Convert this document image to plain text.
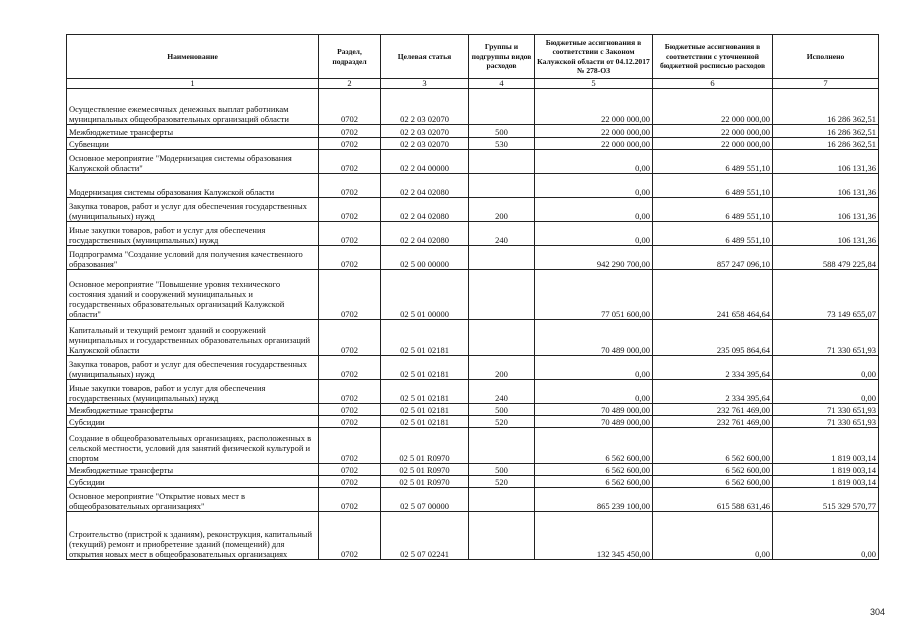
Наименование	Раздел, подраздел	Целевая статья	Группы и подгруппы видов расходов	Бюджетные ассигнования в соответствии с Законом Калужской области от 04.12.2017 № 278-ОЗ	Бюджетные ассигнования в соответствии с уточненной бюджетной росписью расходов	Исполнено
1	2	3	4	5	6	7
Осуществление ежемесячных денежных выплат работникам муниципальных общеобразовательных организаций области	0702	02 2 03 02070		22 000 000,00	22 000 000,00	16 286 362,51
Межбюджетные трансферты	0702	02 2 03 02070	500	22 000 000,00	22 000 000,00	16 286 362,51
Субвенции	0702	02 2 03 02070	530	22 000 000,00	22 000 000,00	16 286 362,51
Основное мероприятие "Модернизация системы образования Калужской области"	0702	02 2 04 00000		0,00	6 489 551,10	106 131,36
Модернизация системы образования Калужской области	0702	02 2 04 02080		0,00	6 489 551,10	106 131,36
Закупка товаров, работ и услуг для обеспечения государственных (муниципальных) нужд	0702	02 2 04 02080	200	0,00	6 489 551,10	106 131,36
Иные закупки товаров, работ и услуг для обеспечения государственных (муниципальных) нужд	0702	02 2 04 02080	240	0,00	6 489 551,10	106 131,36
Подпрограмма "Создание условий для получения качественного образования"	0702	02 5 00 00000		942 290 700,00	857 247 096,10	588 479 225,84
Основное мероприятие "Повышение уровня технического состояния зданий и сооружений муниципальных и государственных образовательных организаций Калужской области"	0702	02 5 01 00000		77 051 600,00	241 658 464,64	73 149 655,07
Капитальный и текущий ремонт зданий и сооружений муниципальных и государственных образовательных организаций Калужской области	0702	02 5 01 02181		70 489 000,00	235 095 864,64	71 330 651,93
Закупка товаров, работ и услуг для обеспечения государственных (муниципальных) нужд	0702	02 5 01 02181	200	0,00	2 334 395,64	0,00
Иные закупки товаров, работ и услуг для обеспечения государственных (муниципальных) нужд	0702	02 5 01 02181	240	0,00	2 334 395,64	0,00
Межбюджетные трансферты	0702	02 5 01 02181	500	70 489 000,00	232 761 469,00	71 330 651,93
Субсидии	0702	02 5 01 02181	520	70 489 000,00	232 761 469,00	71 330 651,93
Создание в общеобразовательных организациях, расположенных в сельской местности, условий для занятий физической культурой и спортом	0702	02 5 01 R0970		6 562 600,00	6 562 600,00	1 819 003,14
Межбюджетные трансферты	0702	02 5 01 R0970	500	6 562 600,00	6 562 600,00	1 819 003,14
Субсидии	0702	02 5 01 R0970	520	6 562 600,00	6 562 600,00	1 819 003,14
Основное мероприятие "Открытие новых мест в общеобразовательных организациях"	0702	02 5 07 00000		865 239 100,00	615 588 631,46	515 329 570,77
Строительство (пристрой к зданиям), реконструкция, капитальный (текущий) ремонт и приобретение зданий (помещений) для открытия новых мест в общеобразовательных организациях	0702	02 5 07 02241		132 345 450,00	0,00	0,00
304
